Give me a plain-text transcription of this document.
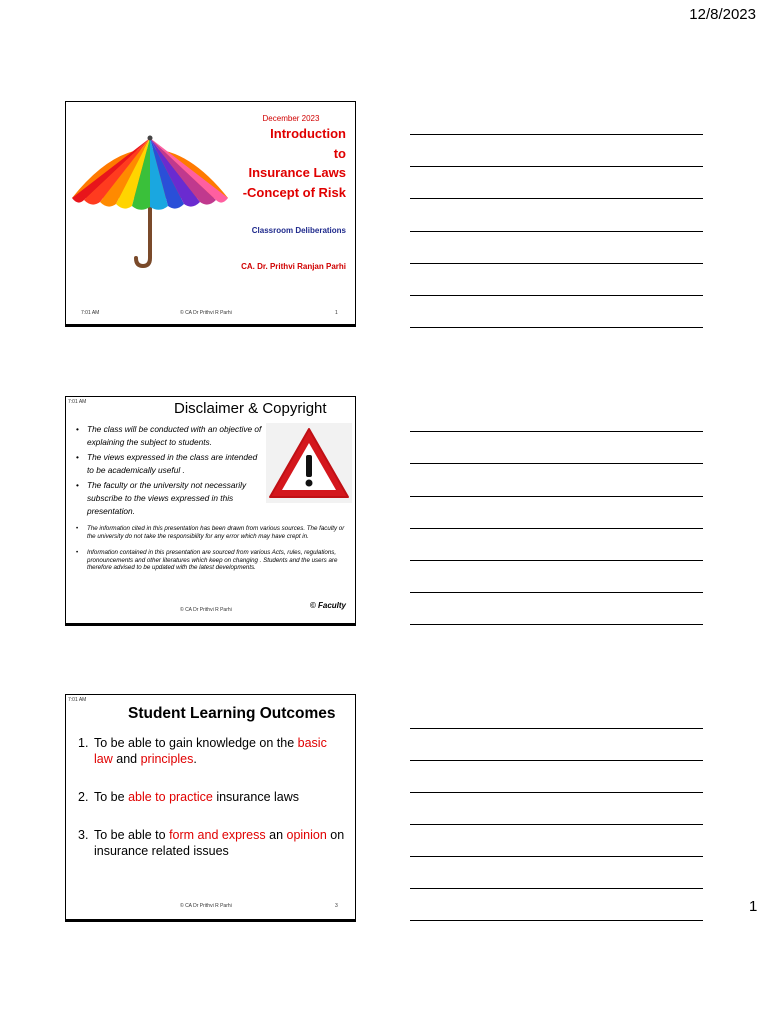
12/8/2023
December 2023
Introduction
to
Insurance Laws
-Concept of Risk
Classroom Deliberations
CA. Dr. Prithvi Ranjan Parhi
7:01 AM	© CA Dr Prithvi R Parhi	1
7:01 AM	Disclaimer & Copyright
• The class will be conducted with an objective of explaining the subject to students.
• The views expressed in the class are intended to be academically useful .
• The faculty or the university not necessarily subscribe to the views expressed in this presentation.
• The information cited in this presentation has been drawn from various sources. The faculty or the university do not take the responsibility for any error which may have crept in.
• Information contained in this presentation are sourced from various Acts, rules, regulations, pronouncements and other literatures which keep on changing . Students and the users are therefore advised to be updated with the latest developments.
© Faculty
© CA Dr Prithvi R Parhi
7:01 AM
Student Learning Outcomes
1. To be able to gain knowledge on the basic law and principles.
2. To be able to practice insurance laws
3. To be able to form and express an opinion on insurance related issues
© CA Dr Prithvi R Parhi	3	1
